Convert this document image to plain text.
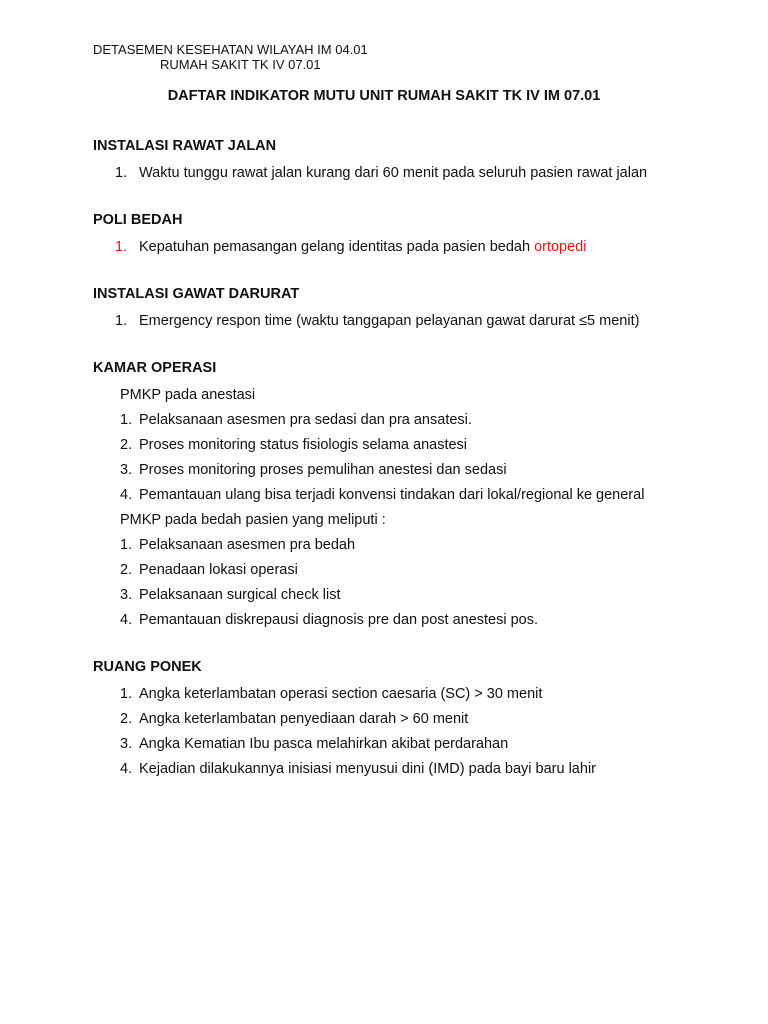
DETASEMEN KESEHATAN WILAYAH IM 04.01
RUMAH SAKIT TK IV 07.01
DAFTAR INDIKATOR MUTU UNIT RUMAH SAKIT TK IV IM 07.01
INSTALASI RAWAT JALAN
1. Waktu tunggu rawat jalan kurang dari 60 menit pada seluruh pasien rawat jalan
POLI BEDAH
1. Kepatuhan pemasangan gelang identitas pada pasien bedah ortopedi
INSTALASI GAWAT DARURAT
1. Emergency respon time (waktu tanggapan pelayanan gawat darurat ≤5 menit)
KAMAR OPERASI
PMKP pada anestasi
1. Pelaksanaan asesmen pra sedasi dan pra ansatesi.
2. Proses monitoring status fisiologis selama anastesi
3. Proses monitoring proses pemulihan anestesi dan sedasi
4. Pemantauan ulang bisa terjadi konvensi tindakan dari lokal/regional ke general
PMKP pada bedah pasien yang meliputi :
1. Pelaksanaan asesmen pra bedah
2. Penadaan lokasi operasi
3. Pelaksanaan surgical check list
4. Pemantauan diskrepausi diagnosis pre dan post anestesi pos.
RUANG PONEK
1. Angka keterlambatan operasi section caesaria (SC) > 30 menit
2. Angka keterlambatan penyediaan darah > 60 menit
3. Angka Kematian Ibu pasca melahirkan akibat perdarahan
4. Kejadian dilakukannya inisiasi menyusui dini (IMD) pada bayi baru lahir
